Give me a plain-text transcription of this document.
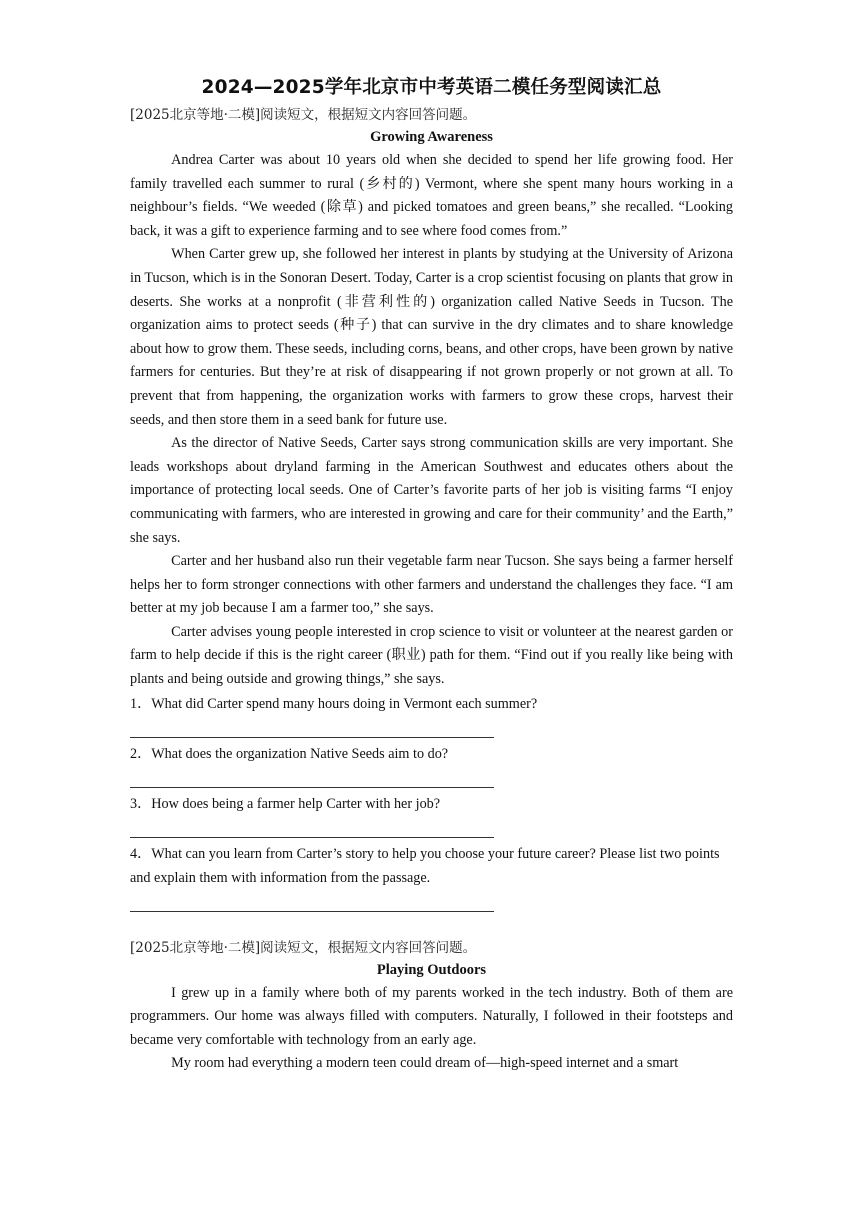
2024—2025学年北京市中考英语二模任务型阅读汇总
[2025北京等地·二模]阅读短文，根据短文内容回答问题。
Growing Awareness

Andrea Carter was about 10 years old when she decided to spend her life growing food. Her family travelled each summer to rural (乡村的) Vermont, where she spent many hours working in a neighbour’s fields. “We weeded (除草) and picked tomatoes and green beans,” she recalled. “Looking back, it was a gift to experience farming and to see where food comes from.”

When Carter grew up, she followed her interest in plants by studying at the University of Arizona in Tucson, which is in the Sonoran Desert. Today, Carter is a crop scientist focusing on plants that grow in deserts. She works at a nonprofit (非营利性的) organization called Native Seeds in Tucson. The organization aims to protect seeds (种子) that can survive in the dry climates and to share knowledge about how to grow them. These seeds, including corns, beans, and other crops, have been grown by native farmers for centuries. But they’re at risk of disappearing if not grown properly or not grown at all. To prevent that from happening, the organization works with farmers to grow these crops, harvest their seeds, and then store them in a seed bank for future use.

As the director of Native Seeds, Carter says strong communication skills are very important. She leads workshops about dryland farming in the American Southwest and educates others about the importance of protecting local seeds. One of Carter’s favorite parts of her job is visiting farms “I enjoy communicating with farmers, who are interested in growing and care for their community’ and the Earth,” she says.

Carter and her husband also run their vegetable farm near Tucson. She says being a farmer herself helps her to form stronger connections with other farmers and understand the challenges they face. “I am better at my job because I am a farmer too,” she says.

Carter advises young people interested in crop science to visit or volunteer at the nearest garden or farm to help decide if this is the right career (职业) path for them. “Find out if you really like being with plants and being outside and growing things,” she says.

1．What did Carter spend many hours doing in Vermont each summer?
2．What does the organization Native Seeds aim to do?
3．How does being a farmer help Carter with her job?
4．What can you learn from Carter’s story to help you choose your future career? Please list two points and explain them with information from the passage.
[2025北京等地·二模]阅读短文，根据短文内容回答问题。
Playing Outdoors

I grew up in a family where both of my parents worked in the tech industry. Both of them are programmers. Our home was always filled with computers. Naturally, I followed in their footsteps and became very comfortable with technology from an early age.

My room had everything a modern teen could dream of—high-speed internet and a smart
